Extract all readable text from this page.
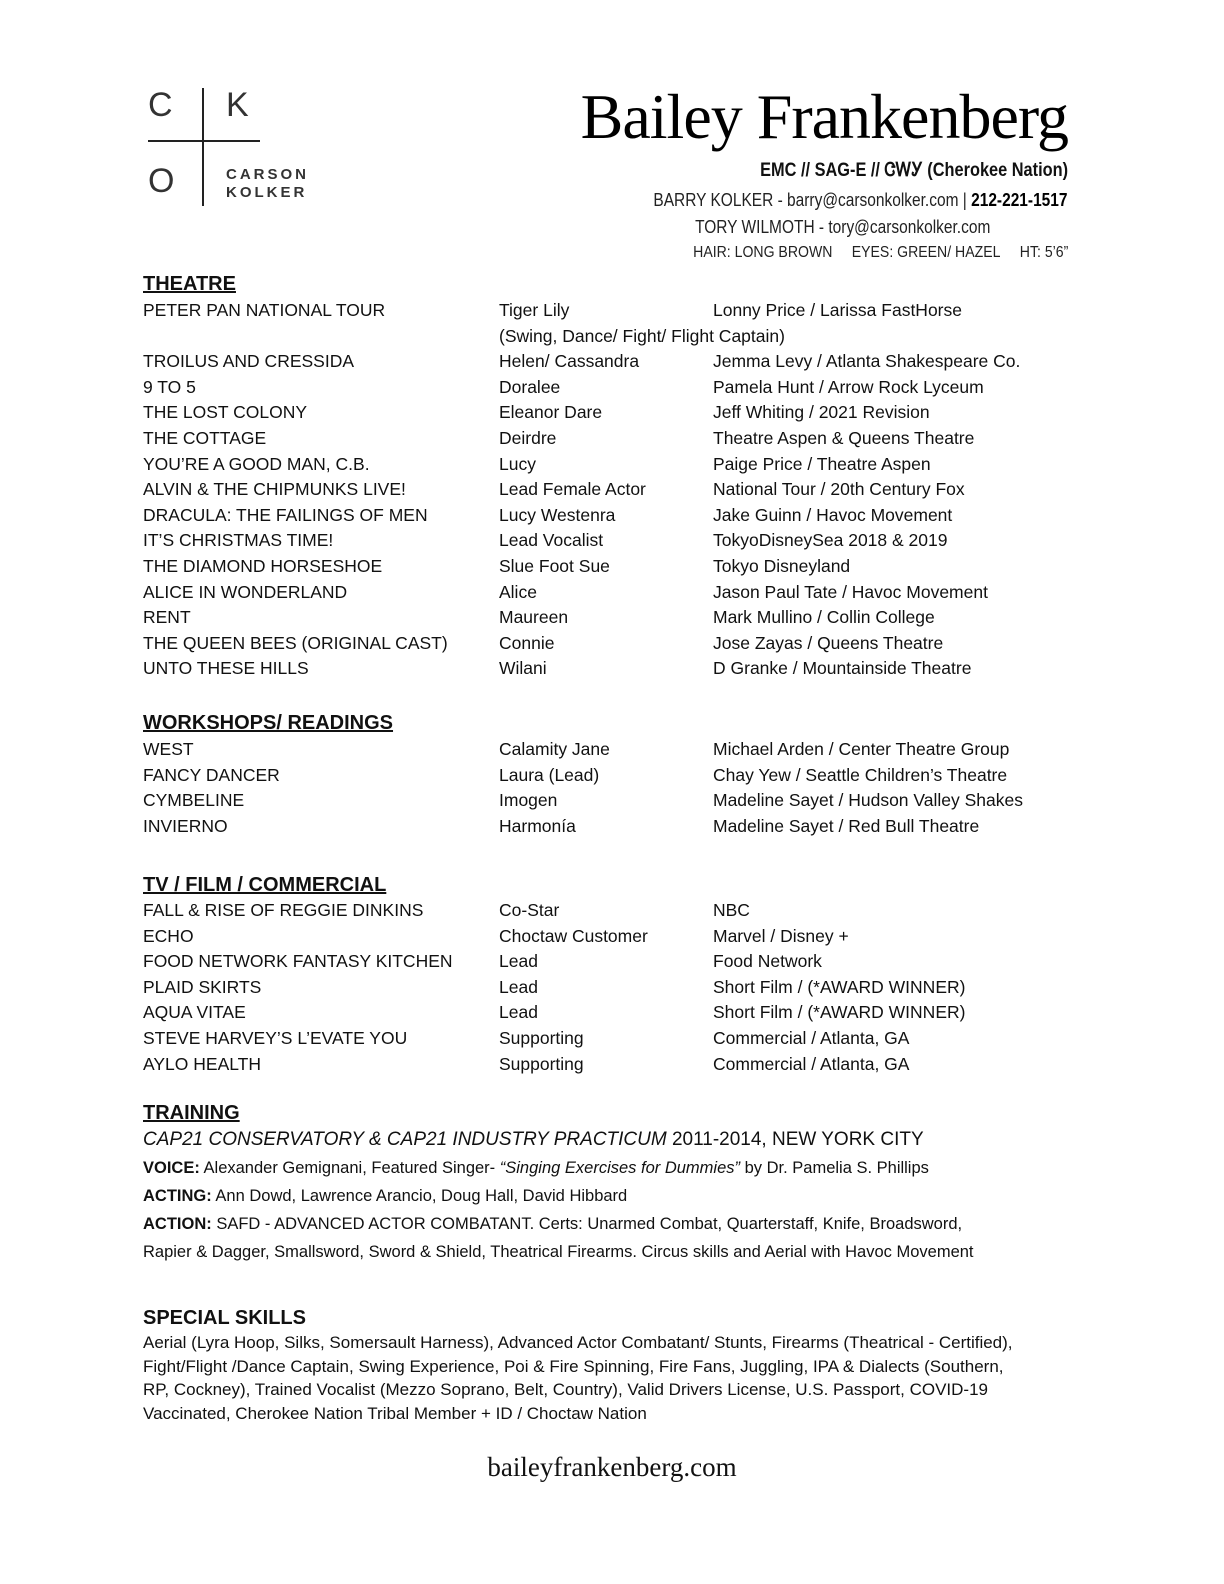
C K
O	CARSON
KOLKER
Bailey Frankenberg
EMC // SAG-E // ᏣᎳᎩ (Cherokee Nation)
BARRY KOLKER - barry@carsonkolker.com | 212-221-1517
TORY WILMOTH - tory@carsonkolker.com
HAIR: LONG BROWN EYES: GREEN/ HAZEL HT: 5’6”
THEATRE
PETER PAN NATIONAL TOUR	Tiger Lily	Lonny Price / Larissa FastHorse
(Swing, Dance/ Fight/ Flight Captain)
TROILUS AND CRESSIDA	Helen/ Cassandra	Jemma Levy / Atlanta Shakespeare Co.
9 TO 5	Doralee	Pamela Hunt / Arrow Rock Lyceum
THE LOST COLONY	Eleanor Dare	Jeff Whiting / 2021 Revision
THE COTTAGE	Deirdre	Theatre Aspen & Queens Theatre
YOU’RE A GOOD MAN, C.B.	Lucy	Paige Price / Theatre Aspen
ALVIN & THE CHIPMUNKS LIVE!	Lead Female Actor	National Tour / 20th Century Fox
DRACULA: THE FAILINGS OF MEN	Lucy Westenra	Jake Guinn / Havoc Movement
IT’S CHRISTMAS TIME!	Lead Vocalist	TokyoDisneySea 2018 & 2019
THE DIAMOND HORSESHOE	Slue Foot Sue	Tokyo Disneyland
ALICE IN WONDERLAND	Alice	Jason Paul Tate / Havoc Movement
RENT	Maureen	Mark Mullino / Collin College
THE QUEEN BEES (ORIGINAL CAST)	Connie	Jose Zayas / Queens Theatre
UNTO THESE HILLS	Wilani	D Granke / Mountainside Theatre
WORKSHOPS/ READINGS
WEST	Calamity Jane	Michael Arden / Center Theatre Group
FANCY DANCER	Laura (Lead)	Chay Yew / Seattle Children’s Theatre
CYMBELINE	Imogen	Madeline Sayet / Hudson Valley Shakes
INVIERNO	Harmonía	Madeline Sayet / Red Bull Theatre
TV / FILM / COMMERCIAL
FALL & RISE OF REGGIE DINKINS	Co-Star	NBC
ECHO	Choctaw Customer	Marvel / Disney +
FOOD NETWORK FANTASY KITCHEN	Lead	Food Network
PLAID SKIRTS	Lead	Short Film / (*AWARD WINNER)
AQUA VITAE	Lead	Short Film / (*AWARD WINNER)
STEVE HARVEY’S L’EVATE YOU	Supporting	Commercial / Atlanta, GA
AYLO HEALTH	Supporting	Commercial / Atlanta, GA
TRAINING

CAP21 CONSERVATORY & CAP21 INDUSTRY PRACTICUM 2011-2014, NEW YORK CITY

VOICE: Alexander Gemignani, Featured Singer- “Singing Exercises for Dummies” by Dr. Pamelia S. Phillips

ACTING: Ann Dowd, Lawrence Arancio, Doug Hall, David Hibbard

ACTION: SAFD - ADVANCED ACTOR COMBATANT. Certs: Unarmed Combat, Quarterstaff, Knife, Broadsword,

Rapier & Dagger, Smallsword, Sword & Shield, Theatrical Firearms. Circus skills and Aerial with Havoc Movement

SPECIAL SKILLS

Aerial (Lyra Hoop, Silks, Somersault Harness), Advanced Actor Combatant/ Stunts, Firearms (Theatrical - Certified),

Fight/Flight /Dance Captain, Swing Experience, Poi & Fire Spinning, Fire Fans, Juggling, IPA & Dialects (Southern,

RP, Cockney), Trained Vocalist (Mezzo Soprano, Belt, Country), Valid Drivers License, U.S. Passport, COVID-19

Vaccinated, Cherokee Nation Tribal Member + ID / Choctaw Nation

baileyfrankenberg.com
